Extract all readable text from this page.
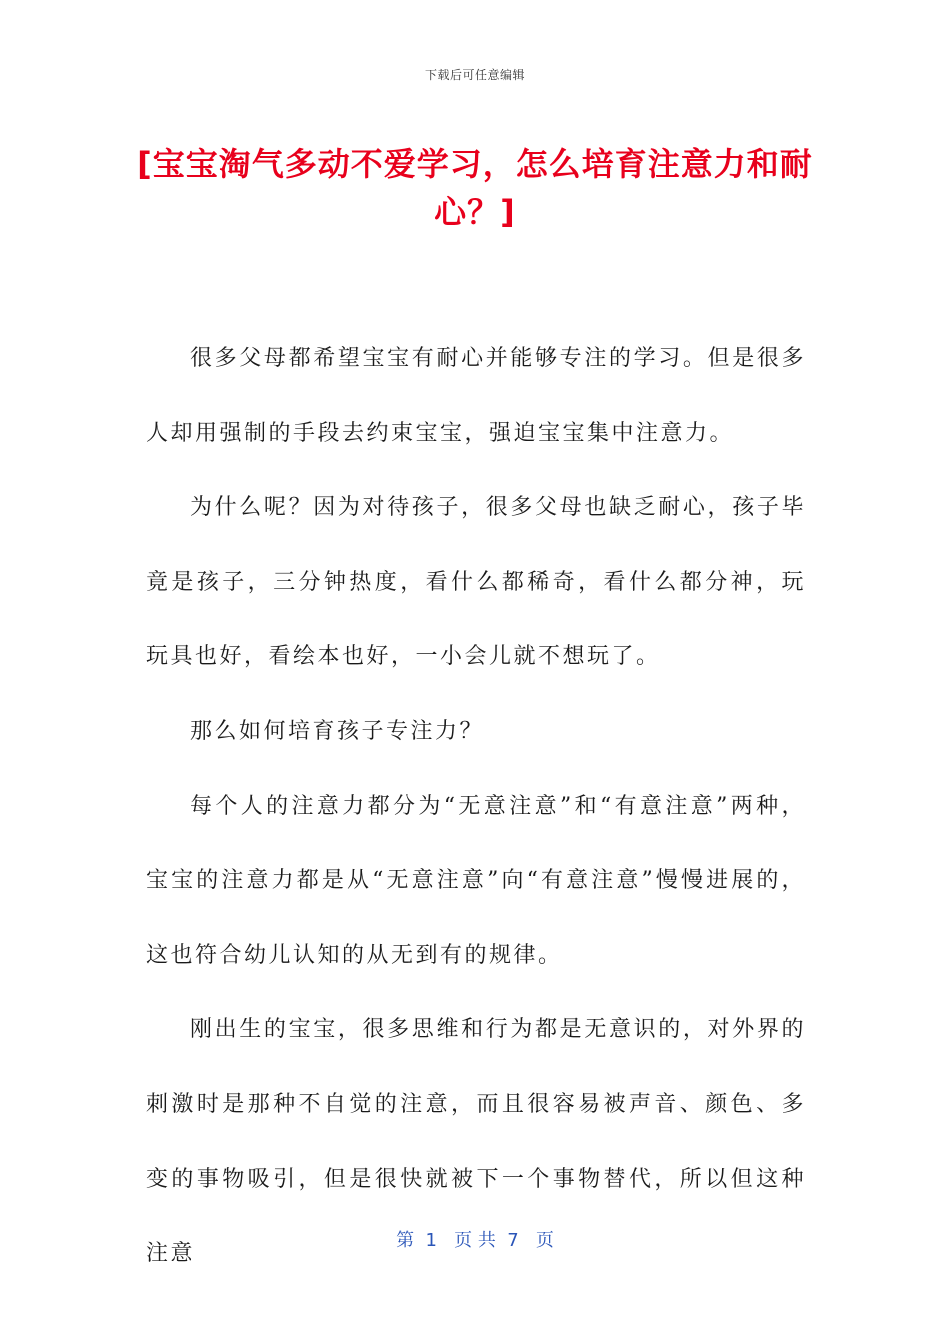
下载后可任意编辑
[宝宝淘气多动不爱学习，怎么培育注意力和耐心？]

很多父母都希望宝宝有耐心并能够专注的学习。但是很多人却用强制的手段去约束宝宝，强迫宝宝集中注意力。

为什么呢？因为对待孩子，很多父母也缺乏耐心，孩子毕竟是孩子，三分钟热度，看什么都稀奇，看什么都分神，玩玩具也好，看绘本也好，一小会儿就不想玩了。

那么如何培育孩子专注力？

每个人的注意力都分为“无意注意”和“有意注意”两种，宝宝的注意力都是从“无意注意”向“有意注意”慢慢进展的，这也符合幼儿认知的从无到有的规律。

刚出生的宝宝，很多思维和行为都是无意识的，对外界的刺激时是那种不自觉的注意，而且很容易被声音、颜色、多变的事物吸引，但是很快就被下一个事物替代，所以但这种注意

第  1   页 共  7   页
